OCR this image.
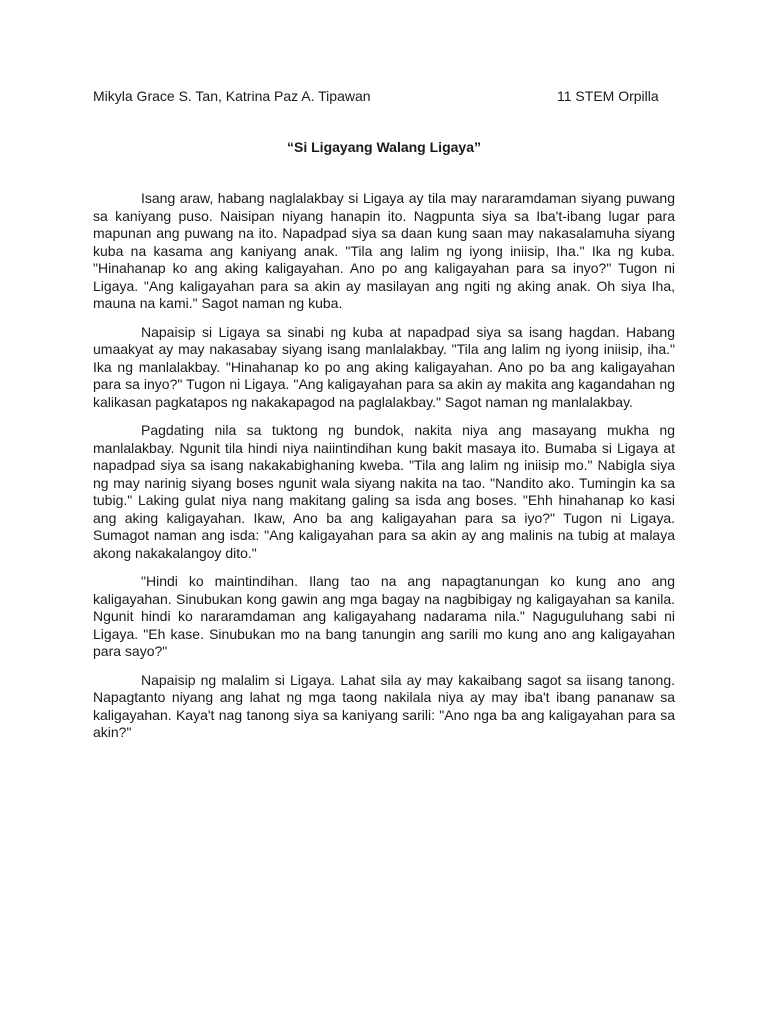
Mikyla Grace S. Tan, Katrina Paz A. Tipawan	11 STEM Orpilla
“Si Ligayang Walang Ligaya”

Isang araw, habang naglalakbay si Ligaya ay tila may nararamdaman siyang puwang sa kaniyang puso. Naisipan niyang hanapin ito. Nagpunta siya sa Iba't-ibang lugar para mapunan ang puwang na ito. Napadpad siya sa daan kung saan may nakasalamuha siyang kuba na kasama ang kaniyang anak. "Tila ang lalim ng iyong iniisip, Iha." Ika ng kuba. "Hinahanap ko ang aking kaligayahan. Ano po ang kaligayahan para sa inyo?" Tugon ni Ligaya. "Ang kaligayahan para sa akin ay masilayan ang ngiti ng aking anak. Oh siya Iha, mauna na kami." Sagot naman ng kuba.

Napaisip si Ligaya sa sinabi ng kuba at napadpad siya sa isang hagdan. Habang umaakyat ay may nakasabay siyang isang manlalakbay. "Tila ang lalim ng iyong iniisip, iha." Ika ng manlalakbay. "Hinahanap ko po ang aking kaligayahan. Ano po ba ang kaligayahan para sa inyo?" Tugon ni Ligaya. "Ang kaligayahan para sa akin ay makita ang kagandahan ng kalikasan pagkatapos ng nakakapagod na paglalakbay." Sagot naman ng manlalakbay.

Pagdating nila sa tuktong ng bundok, nakita niya ang masayang mukha ng manlalakbay. Ngunit tila hindi niya naiintindihan kung bakit masaya ito. Bumaba si Ligaya at napadpad siya sa isang nakakabighaning kweba. "Tila ang lalim ng iniisip mo." Nabigla siya ng may narinig siyang boses ngunit wala siyang nakita na tao. "Nandito ako. Tumingin ka sa tubig." Laking gulat niya nang makitang galing sa isda ang boses. "Ehh hinahanap ko kasi ang aking kaligayahan. Ikaw, Ano ba ang kaligayahan para sa iyo?" Tugon ni Ligaya. Sumagot naman ang isda: "Ang kaligayahan para sa akin ay ang malinis na tubig at malaya akong nakakalangoy dito."

"Hindi ko maintindihan. Ilang tao na ang napagtanungan ko kung ano ang kaligayahan. Sinubukan kong gawin ang mga bagay na nagbibigay ng kaligayahan sa kanila. Ngunit hindi ko nararamdaman ang kaligayahang nadarama nila." Naguguluhang sabi ni Ligaya. "Eh kase. Sinubukan mo na bang tanungin ang sarili mo kung ano ang kaligayahan para sayo?"

Napaisip ng malalim si Ligaya. Lahat sila ay may kakaibang sagot sa iisang tanong. Napagtanto niyang ang lahat ng mga taong nakilala niya ay may iba't ibang pananaw sa kaligayahan. Kaya't nag tanong siya sa kaniyang sarili: "Ano nga ba ang kaligayahan para sa akin?"
